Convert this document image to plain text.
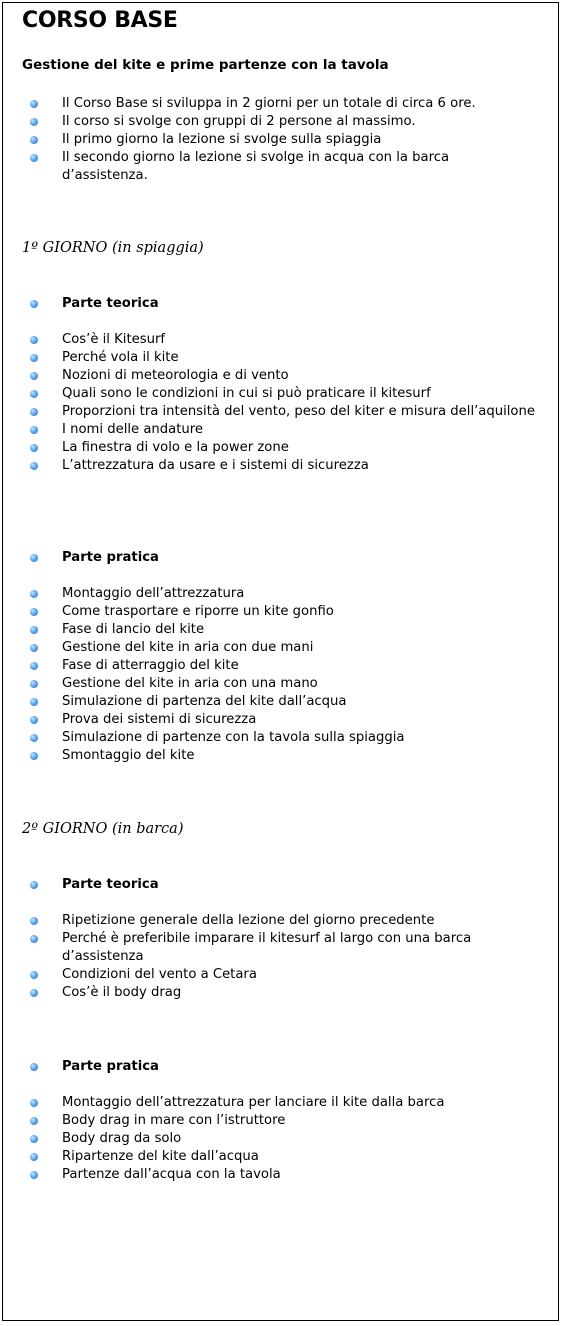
CORSO BASE
Gestione del kite e prime partenze con la tavola
Il Corso Base si sviluppa in 2 giorni per un totale di circa 6 ore.
Il corso si svolge con gruppi di 2 persone al massimo.
Il primo giorno la lezione si svolge sulla spiaggia
Il secondo giorno la lezione si svolge in acqua con la barca d’assistenza.
1º GIORNO (in spiaggia)
Parte teorica
Cos’è il Kitesurf
Perché vola il kite
Nozioni di meteorologia e di vento
Quali sono le condizioni in cui si può praticare il kitesurf
Proporzioni tra intensità del vento, peso del kiter e misura dell’aquilone
I nomi delle andature
La finestra di volo e la power zone
L’attrezzatura da usare e i sistemi di sicurezza
Parte pratica
Montaggio dell’attrezzatura
Come trasportare e riporre un kite gonfio
Fase di lancio del kite
Gestione del kite in aria con due mani
Fase di atterraggio del kite
Gestione del kite in aria con una mano
Simulazione di partenza del kite dall’acqua
Prova dei sistemi di sicurezza
Simulazione di partenze con la tavola sulla spiaggia
Smontaggio del kite
2º GIORNO (in barca)
Parte teorica
Ripetizione generale della lezione del giorno precedente
Perché è preferibile imparare il kitesurf al largo con una barca d’assistenza
Condizioni del vento a Cetara
Cos’è il body drag
Parte pratica
Montaggio dell’attrezzatura per lanciare il kite dalla barca
Body drag in mare con l’istruttore
Body drag da solo
Ripartenze del kite dall’acqua
Partenze dall’acqua con la tavola
